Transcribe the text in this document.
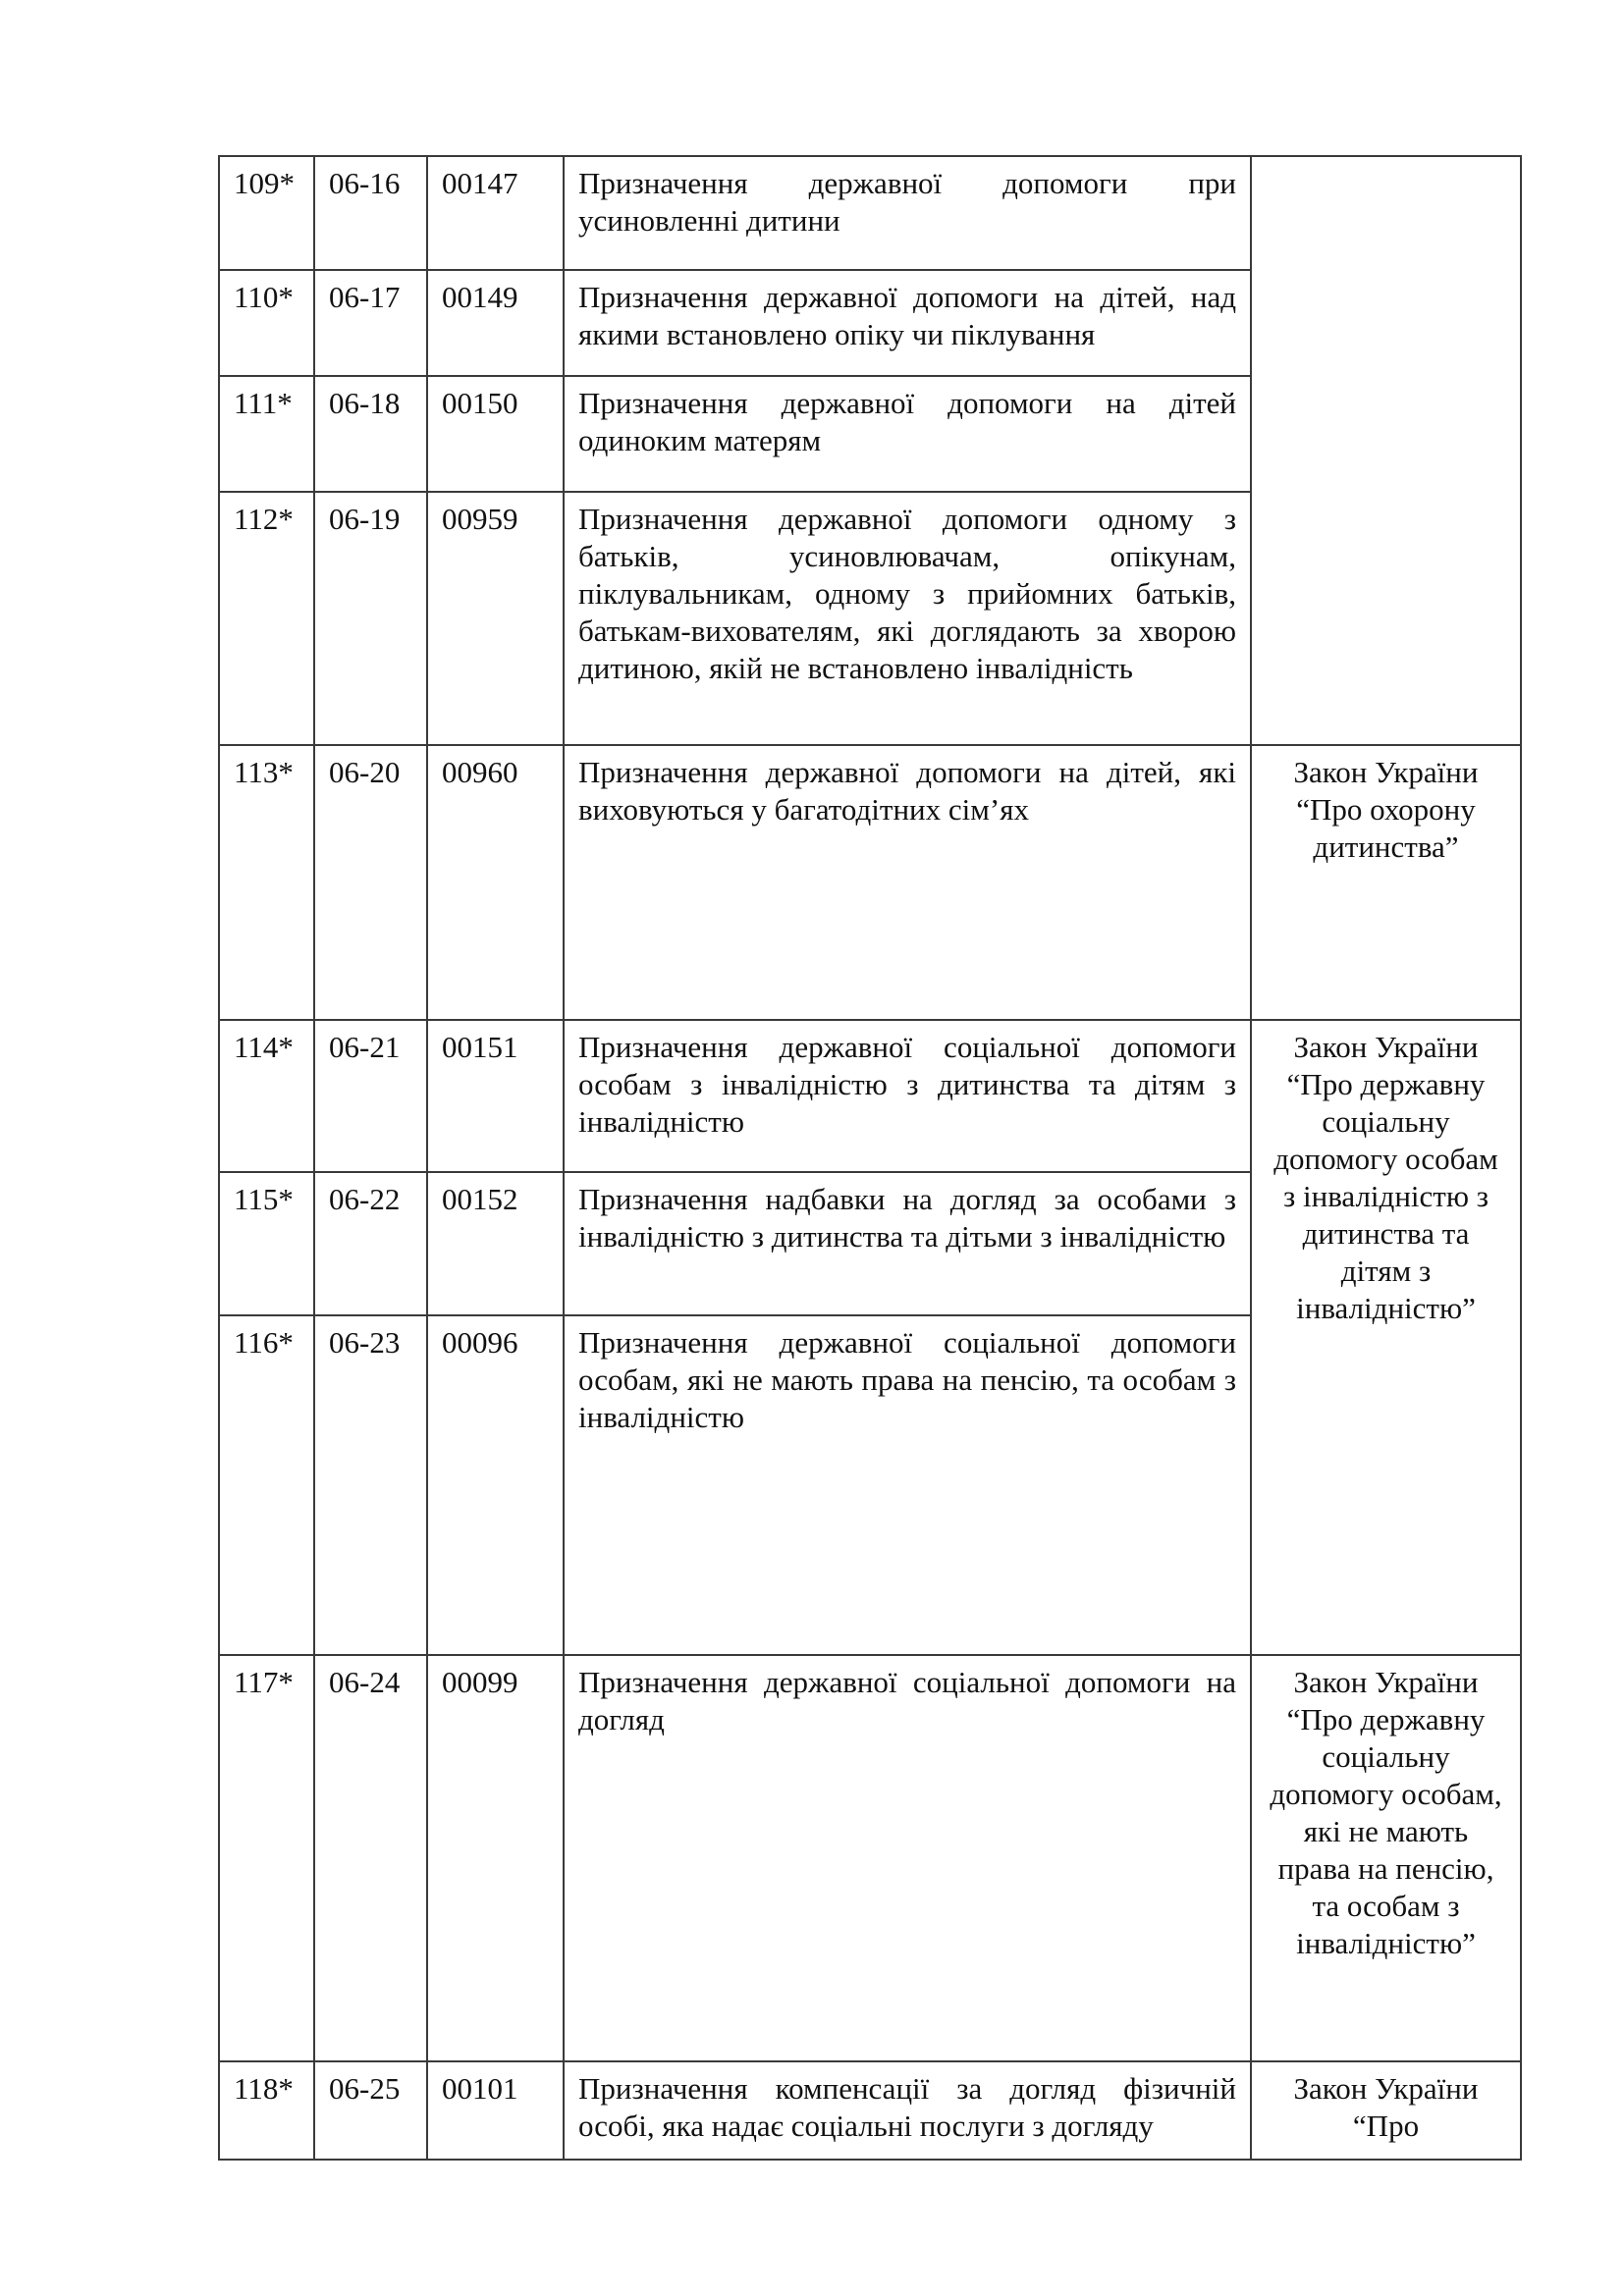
109*	06-16	00147	Призначення державної допомоги при усиновленні дитини	
110*	06-17	00149	Призначення державної допомоги на дітей, над якими встановлено опіку чи піклування	
111*	06-18	00150	Призначення державної допомоги на дітей одиноким матерям	
112*	06-19	00959	Призначення державної допомоги одному з батьків, усиновлювачам, опікунам, піклувальникам, одному з прийомних батьків, батькам-вихователям, які доглядають за хворою дитиною, якій не встановлено інвалідність	
113*	06-20	00960	Призначення державної допомоги на дітей, які виховуються у багатодітних сім’ях	Закон України “Про охорону дитинства”
114*	06-21	00151	Призначення державної соціальної допомоги особам з інвалідністю з дитинства та дітям з інвалідністю	Закон України “Про державну соціальну допомогу особам з інвалідністю з дитинства та дітям з інвалідністю”
115*	06-22	00152	Призначення надбавки на догляд за особами з інвалідністю з дитинства та дітьми з інвалідністю	
116*	06-23	00096	Призначення державної соціальної допомоги особам, які не мають права на пенсію, та особам з інвалідністю	
117*	06-24	00099	Призначення державної соціальної допомоги на догляд	Закон України “Про державну соціальну допомогу особам, які не мають права на пенсію, та особам з інвалідністю”
118*	06-25	00101	Призначення компенсації за догляд фізичній особі, яка надає соціальні послуги з догляду	Закон України “Про
